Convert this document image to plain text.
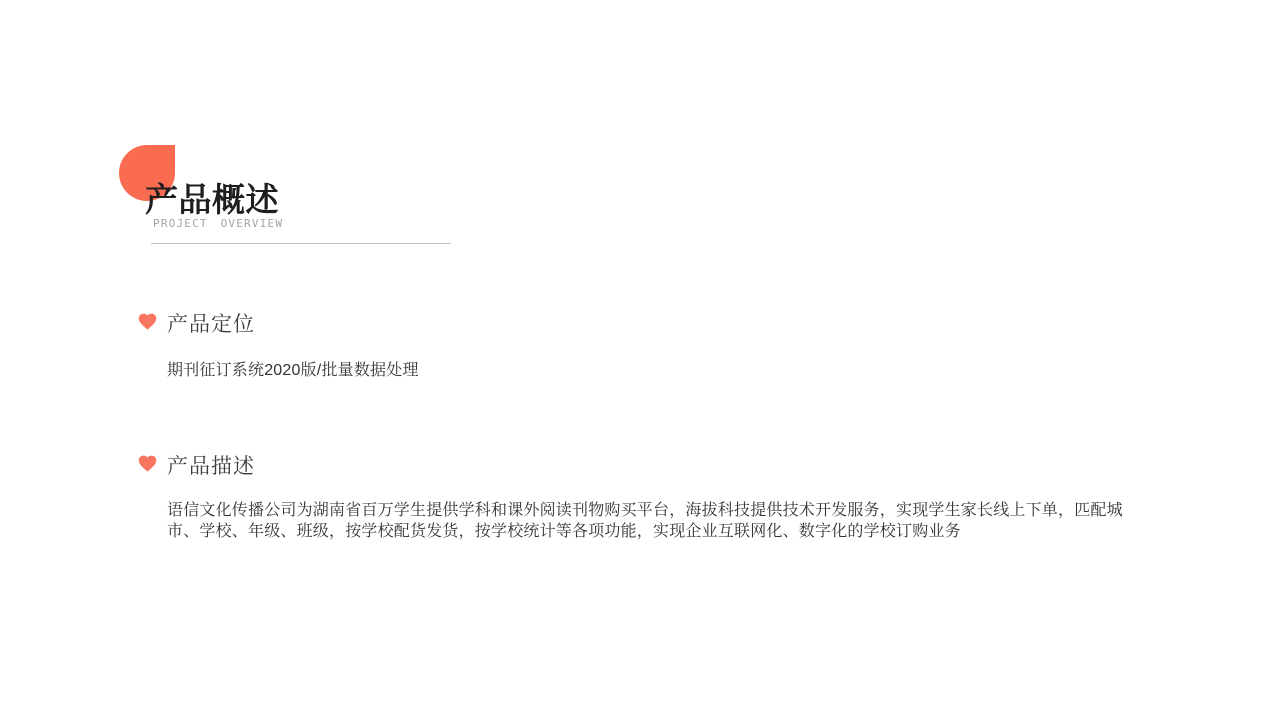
产品概述
PROJECT OVERVIEW
产品定位
期刊征订系统2020版/批量数据处理
产品描述
语信文化传播公司为湖南省百万学生提供学科和课外阅读刊物购买平台，海拔科技提供技术开发服务，实现学生家长线上下单，匹配城市、学校、年级、班级，按学校配货发货，按学校统计等各项功能，实现企业互联网化、数字化的学校订购业务
